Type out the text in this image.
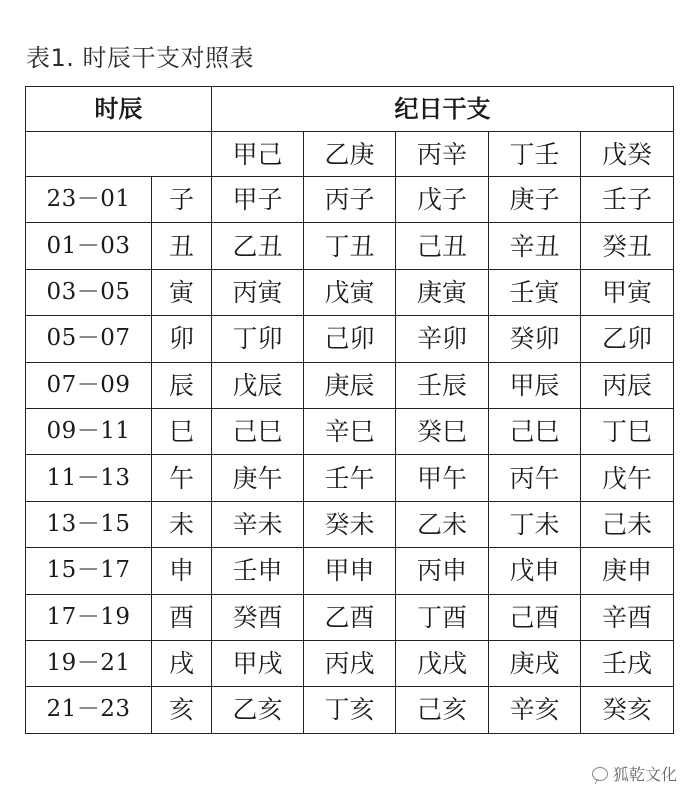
表1. 时辰干支对照表
时辰		纪日干支				
		甲己	乙庚	丙辛	丁壬	戊癸
23－01	子	甲子	丙子	戊子	庚子	壬子
01－03	丑	乙丑	丁丑	己丑	辛丑	癸丑
03－05	寅	丙寅	戊寅	庚寅	壬寅	甲寅
05－07	卯	丁卯	己卯	辛卯	癸卯	乙卯
07－09	辰	戊辰	庚辰	壬辰	甲辰	丙辰
09－11	巳	己巳	辛巳	癸巳	己巳	丁巳
11－13	午	庚午	壬午	甲午	丙午	戊午
13－15	未	辛未	癸未	乙未	丁未	己未
15－17	申	壬申	甲申	丙申	戊申	庚申
17－19	酉	癸酉	乙酉	丁酉	己酉	辛酉
19－21	戌	甲戌	丙戌	戊戌	庚戌	壬戌
21－23	亥	乙亥	丁亥	己亥	辛亥	癸亥
狐乾文化
